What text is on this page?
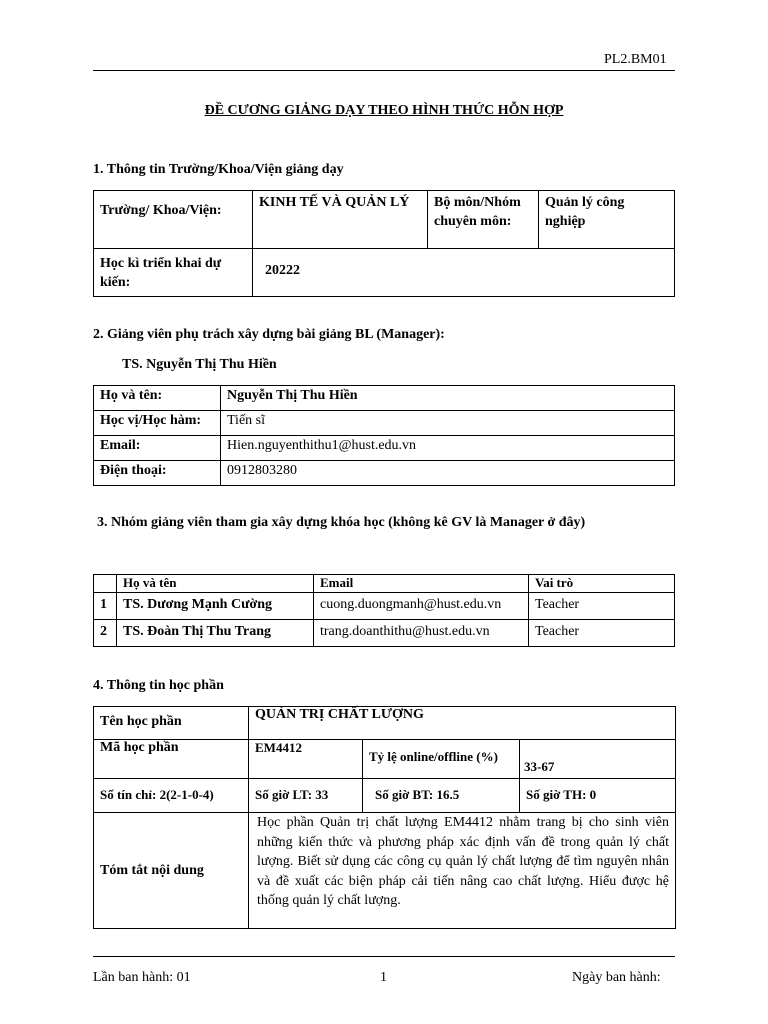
PL2.BM01
ĐỀ CƯƠNG GIẢNG DẠY THEO HÌNH THỨC HỖN HỢP
1. Thông tin Trường/Khoa/Viện giảng dạy
Trường/ Khoa/Viện:	KINH TẾ VÀ QUẢN LÝ	Bộ môn/Nhóm chuyên môn:	Quản lý công nghiệp
Học kì triển khai dự kiến:	20222		
2. Giảng viên phụ trách xây dựng bài giảng BL (Manager):
TS. Nguyễn Thị Thu Hiền
Họ và tên:	Nguyễn Thị Thu Hiền
Học vị/Học hàm:	Tiến sĩ
Email:	Hien.nguyenthithu1@hust.edu.vn
Điện thoại:	0912803280
3. Nhóm giảng viên tham gia xây dựng khóa học (không kê GV là Manager ở đây)
	Họ và tên	Email	Vai trò
1	TS. Dương Mạnh Cường	cuong.duongmanh@hust.edu.vn	Teacher
2	TS. Đoàn Thị Thu Trang	trang.doanthithu@hust.edu.vn	Teacher
4. Thông tin học phần
Tên học phần	QUẢN TRỊ CHẤT LƯỢNG		
Mã học phần	EM4412	Tỷ lệ online/offline (%)	33-67
Số tín chỉ: 2(2-1-0-4)	Số giờ LT: 33	Số giờ BT: 16.5	Số giờ TH: 0
Tóm tắt nội dung	Học phần Quản trị chất lượng EM4412 nhằm trang bị cho sinh viên những kiến thức và phương pháp xác định vấn đề trong quản lý chất lượng. Biết sử dụng các công cụ quản lý chất lượng để tìm nguyên nhân và đề xuất các biện pháp cải tiến nâng cao chất lượng. Hiểu được hệ thống quản lý chất lượng.		
Lần ban hành: 01	1	Ngày ban hành:
